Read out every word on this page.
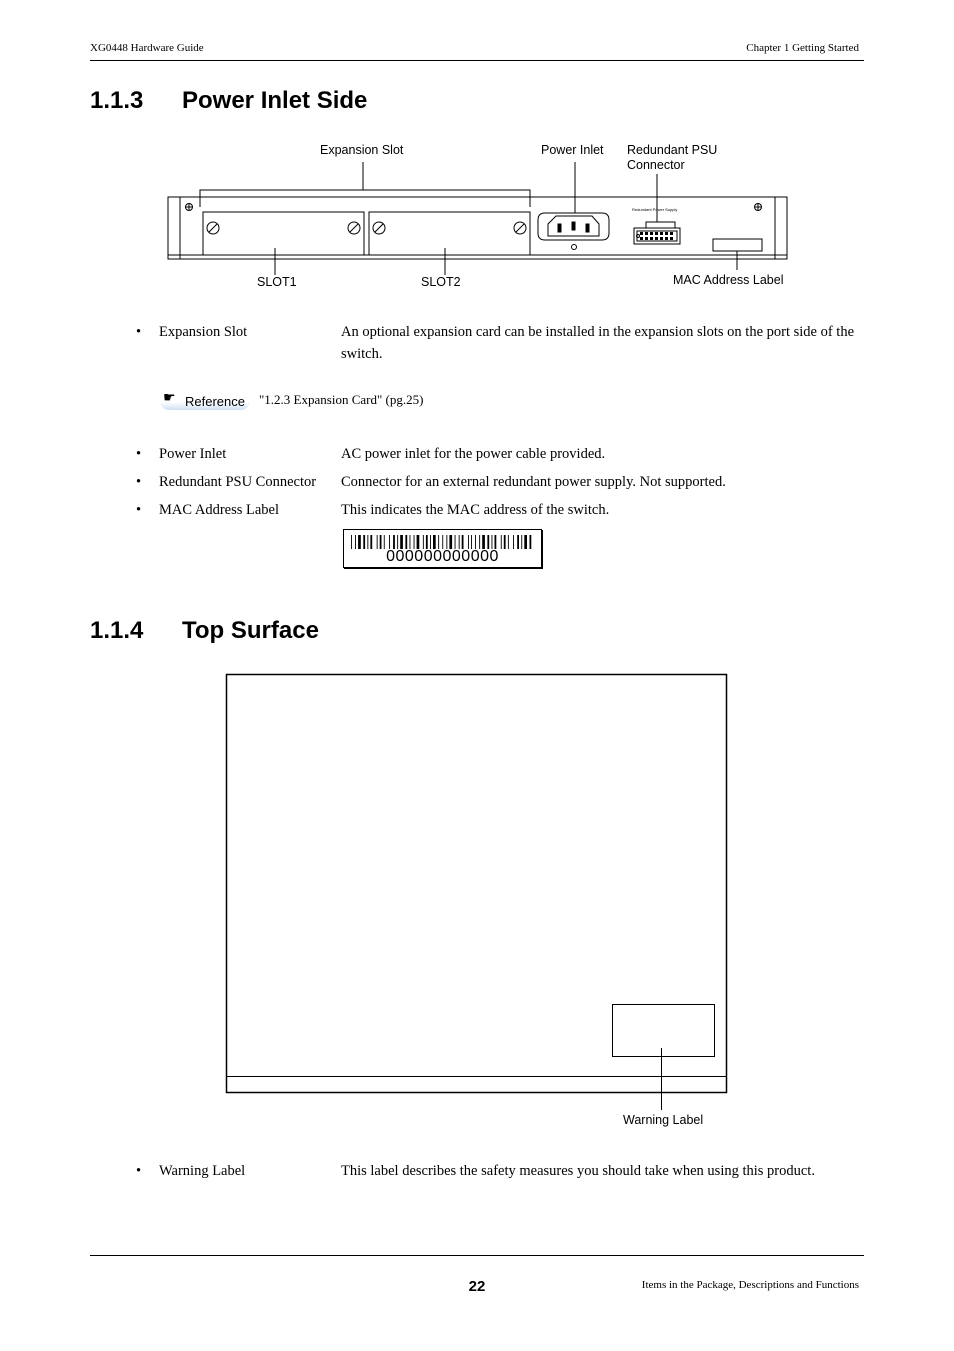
XG0448 Hardware Guide	Chapter 1 Getting Started
1.1.3 Power Inlet Side
Redundant Power Supply
Expansion Slot	Power Inlet Redundant PSU
Connector
SLOT1	SLOT2	MAC Address Label
• Expansion Slot	An optional expansion card can be installed in the expansion slots on the port side of the switch.
☛ Reference "1.2.3 Expansion Card" (pg.25)
• Power Inlet	AC power inlet for the power cable provided.
• Redundant PSU Connector Connector for an external redundant power supply. Not supported.
• MAC Address Label	This indicates the MAC address of the switch.
000000000000
1.1.4 Top Surface
Warning Label
• Warning Label	This label describes the safety measures you should take when using this product.
22	Items in the Package, Descriptions and Functions
